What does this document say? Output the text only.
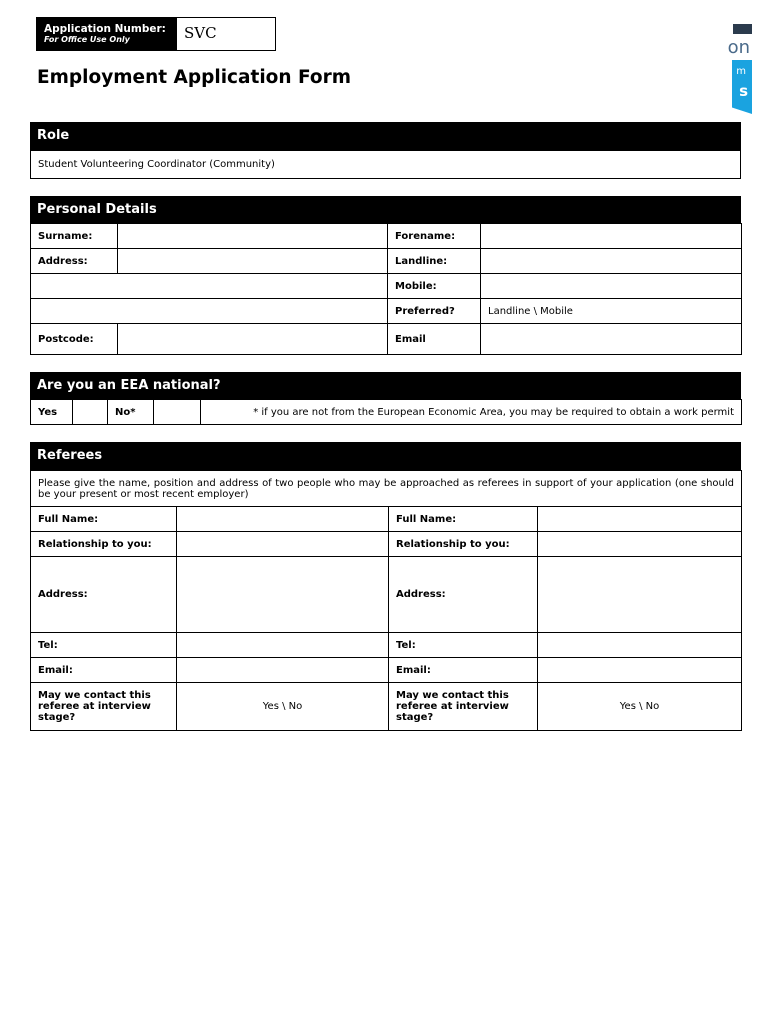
Application Number:
For Office Use Only	SVC
Employment Application Form
on
m
s
Role
Student Volunteering Coordinator (Community)
Personal Details
Surname:		Forename:	
Address:		Landline:	
		Mobile:	
		Preferred?	Landline \ Mobile
Postcode:		Email	
Are you an EEA national?
Yes		No*		* if you are not from the European Economic Area, you may be required to obtain a work permit
Referees
Please give the name, position and address of two people who may be approached as referees in support of your application (one should be your present or most recent employer)			
Full Name:		Full Name:	
Relationship to you:		Relationship to you:	
Address:		Address:	
Tel:		Tel:	
Email:		Email:	
May we contact this referee at interview stage?	Yes \ No	May we contact this referee at interview stage?	Yes \ No
